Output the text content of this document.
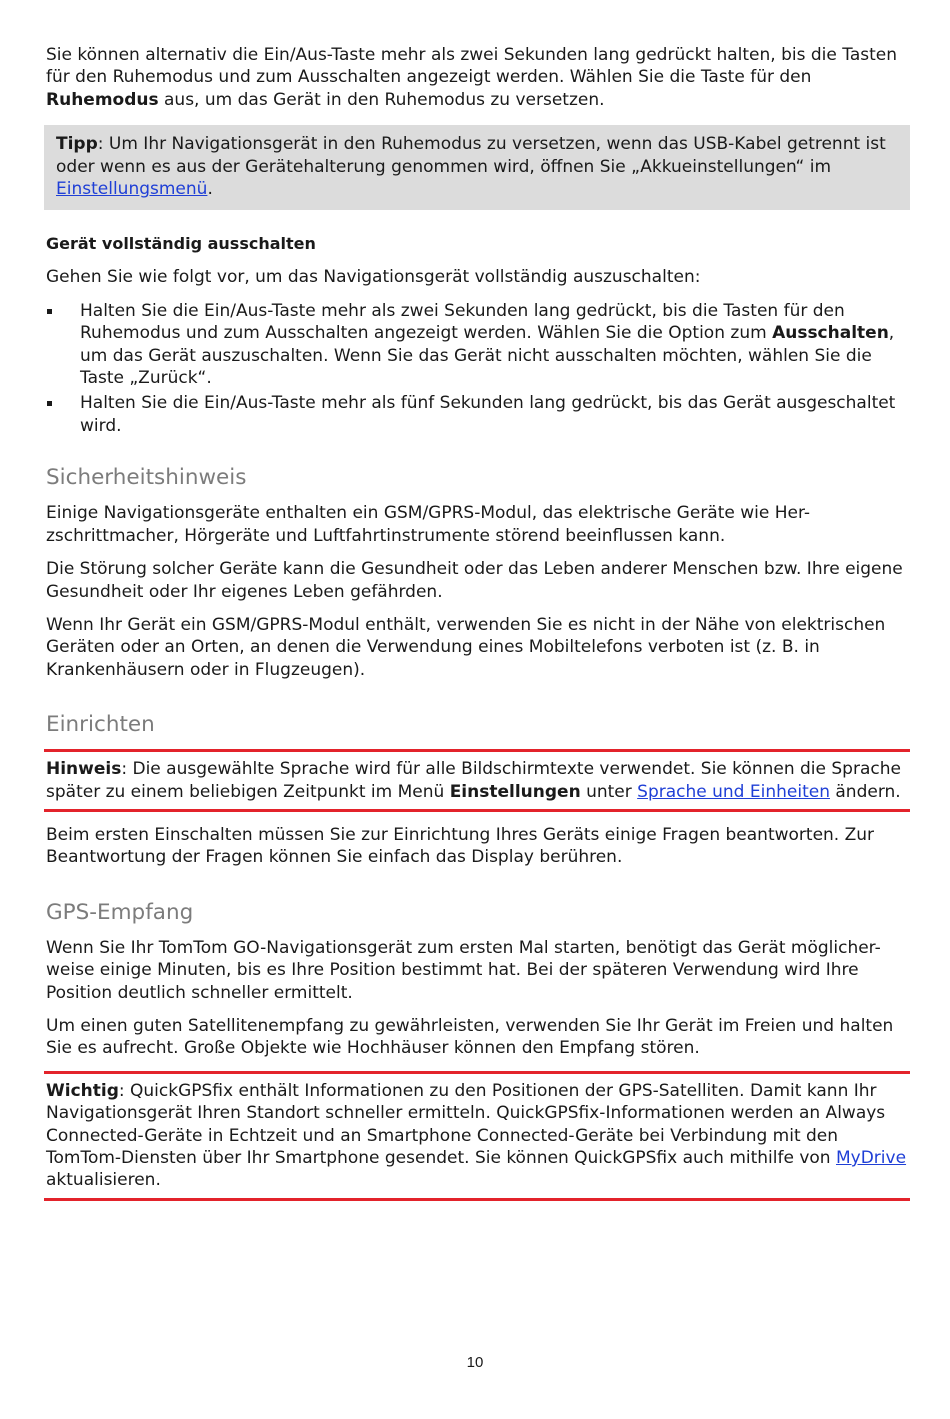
Sie können alternativ die Ein/Aus-Taste mehr als zwei Sekunden lang gedrückt halten, bis die Tasten für den Ruhemodus und zum Ausschalten angezeigt werden. Wählen Sie die Taste für den Ruhemodus aus, um das Gerät in den Ruhemodus zu versetzen.

Tipp: Um Ihr Navigationsgerät in den Ruhemodus zu versetzen, wenn das USB-Kabel getrennt ist oder wenn es aus der Gerätehalterung genommen wird, öffnen Sie „Akkueinstellungen“ im Einstellungsmenü.

Gerät vollständig ausschalten

Gehen Sie wie folgt vor, um das Navigationsgerät vollständig auszuschalten:

Halten Sie die Ein/Aus-Taste mehr als zwei Sekunden lang gedrückt, bis die Tasten für den Ruhemodus und zum Ausschalten angezeigt werden. Wählen Sie die Option zum Ausschalten, um das Gerät auszuschalten. Wenn Sie das Gerät nicht ausschalten möchten, wählen Sie die Taste „Zurück“.
Halten Sie die Ein/Aus-Taste mehr als fünf Sekunden lang gedrückt, bis das Gerät ausgeschaltet wird.
Sicherheitshinweis

Einige Navigationsgeräte enthalten ein GSM/GPRS-Modul, das elektrische Geräte wie Her-zschrittmacher, Hörgeräte und Luftfahrtinstrumente störend beeinflussen kann.

Die Störung solcher Geräte kann die Gesundheit oder das Leben anderer Menschen bzw. Ihre eigene Gesundheit oder Ihr eigenes Leben gefährden.

Wenn Ihr Gerät ein GSM/GPRS-Modul enthält, verwenden Sie es nicht in der Nähe von elektrischen Geräten oder an Orten, an denen die Verwendung eines Mobiltelefons verboten ist (z. B. in Krankenhäusern oder in Flugzeugen).

Einrichten

Hinweis: Die ausgewählte Sprache wird für alle Bildschirmtexte verwendet. Sie können die Sprache später zu einem beliebigen Zeitpunkt im Menü Einstellungen unter Sprache und Einheiten ändern.

Beim ersten Einschalten müssen Sie zur Einrichtung Ihres Geräts einige Fragen beantworten. Zur Beantwortung der Fragen können Sie einfach das Display berühren.

GPS-Empfang

Wenn Sie Ihr TomTom GO-Navigationsgerät zum ersten Mal starten, benötigt das Gerät möglicher-weise einige Minuten, bis es Ihre Position bestimmt hat. Bei der späteren Verwendung wird Ihre Position deutlich schneller ermittelt.

Um einen guten Satellitenempfang zu gewährleisten, verwenden Sie Ihr Gerät im Freien und halten Sie es aufrecht. Große Objekte wie Hochhäuser können den Empfang stören.

Wichtig: QuickGPSfix enthält Informationen zu den Positionen der GPS-Satelliten. Damit kann Ihr Navigationsgerät Ihren Standort schneller ermitteln. QuickGPSfix-Informationen werden an Always Connected-Geräte in Echtzeit und an Smartphone Connected-Geräte bei Verbindung mit den TomTom-Diensten über Ihr Smartphone gesendet. Sie können QuickGPSfix auch mithilfe von MyDrive aktualisieren.

10
